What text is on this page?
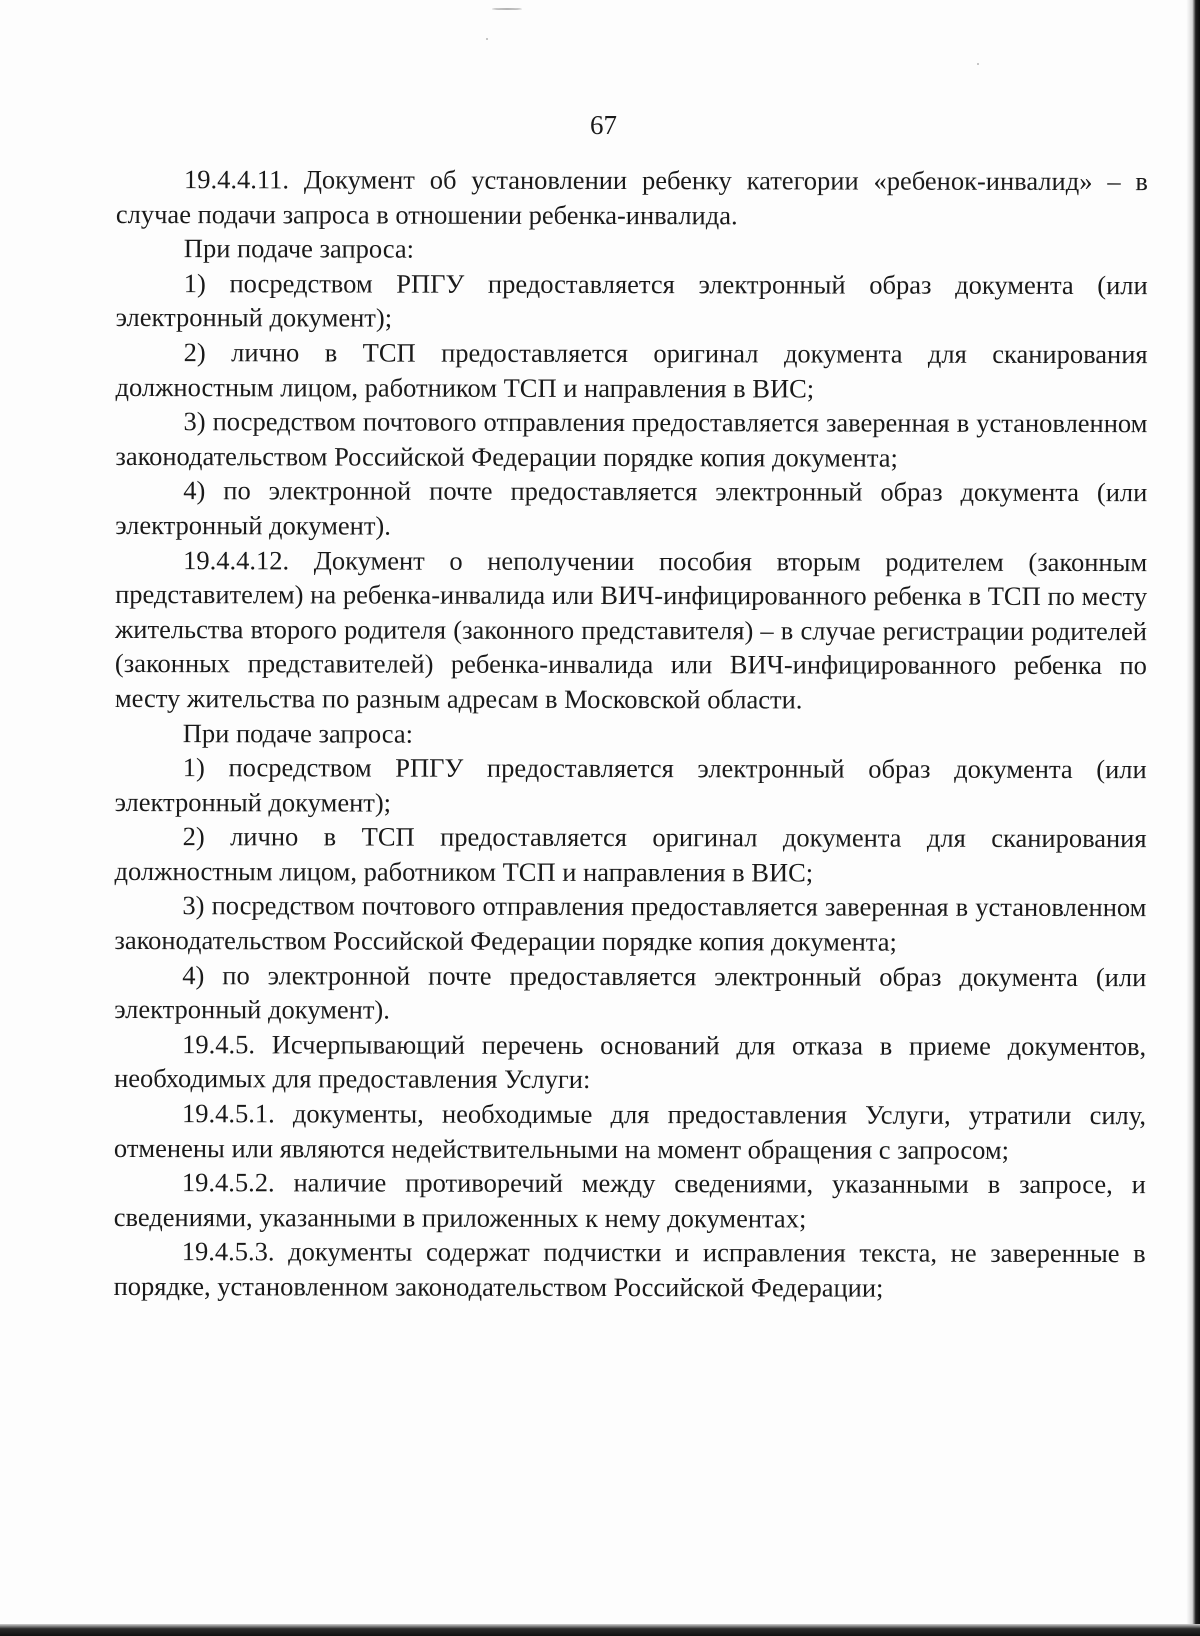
67

19.4.4.11. Документ об установлении ребенку категории «ребенок-инвалид» – в случае подачи запроса в отношении ребенка-инвалида.

При подаче запроса:

1) посредством РПГУ предоставляется электронный образ документа (или электронный документ);

2) лично в ТСП предоставляется оригинал документа для сканирования должностным лицом, работником ТСП и направления в ВИС;

3) посредством почтового отправления предоставляется заверенная в установленном законодательством Российской Федерации порядке копия документа;

4) по электронной почте предоставляется электронный образ документа (или электронный документ).

19.4.4.12. Документ о неполучении пособия вторым родителем (законным представителем) на ребенка-инвалида или ВИЧ-инфицированного ребенка в ТСП по месту жительства второго родителя (законного представителя) – в случае регистрации родителей (законных представителей) ребенка-инвалида или ВИЧ-инфицированного ребенка по месту жительства по разным адресам в Московской области.

При подаче запроса:

1) посредством РПГУ предоставляется электронный образ документа (или электронный документ);

2) лично в ТСП предоставляется оригинал документа для сканирования должностным лицом, работником ТСП и направления в ВИС;

3) посредством почтового отправления предоставляется заверенная в установленном законодательством Российской Федерации порядке копия документа;

4) по электронной почте предоставляется электронный образ документа (или электронный документ).

19.4.5. Исчерпывающий перечень оснований для отказа в приеме документов, необходимых для предоставления Услуги:

19.4.5.1. документы, необходимые для предоставления Услуги, утратили силу, отменены или являются недействительными на момент обращения с запросом;

19.4.5.2. наличие противоречий между сведениями, указанными в запросе, и сведениями, указанными в приложенных к нему документах;

19.4.5.3. документы содержат подчистки и исправления текста, не заверенные в порядке, установленном законодательством Российской Федерации;
